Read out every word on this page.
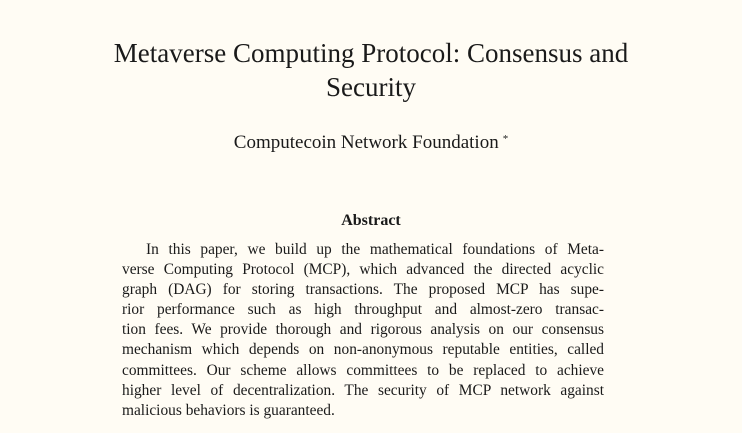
Metaverse Computing Protocol: Consensus and
Security
Computecoin Network Foundation *
Abstract

In this paper, we build up the mathematical foundations of Meta-
verse Computing Protocol (MCP), which advanced the directed acyclic
graph (DAG) for storing transactions. The proposed MCP has supe-
rior performance such as high throughput and almost-zero transac-
tion fees. We provide thorough and rigorous analysis on our consensus
mechanism which depends on non-anonymous reputable entities, called
committees. Our scheme allows committees to be replaced to achieve
higher level of decentralization. The security of MCP network against
malicious behaviors is guaranteed.
